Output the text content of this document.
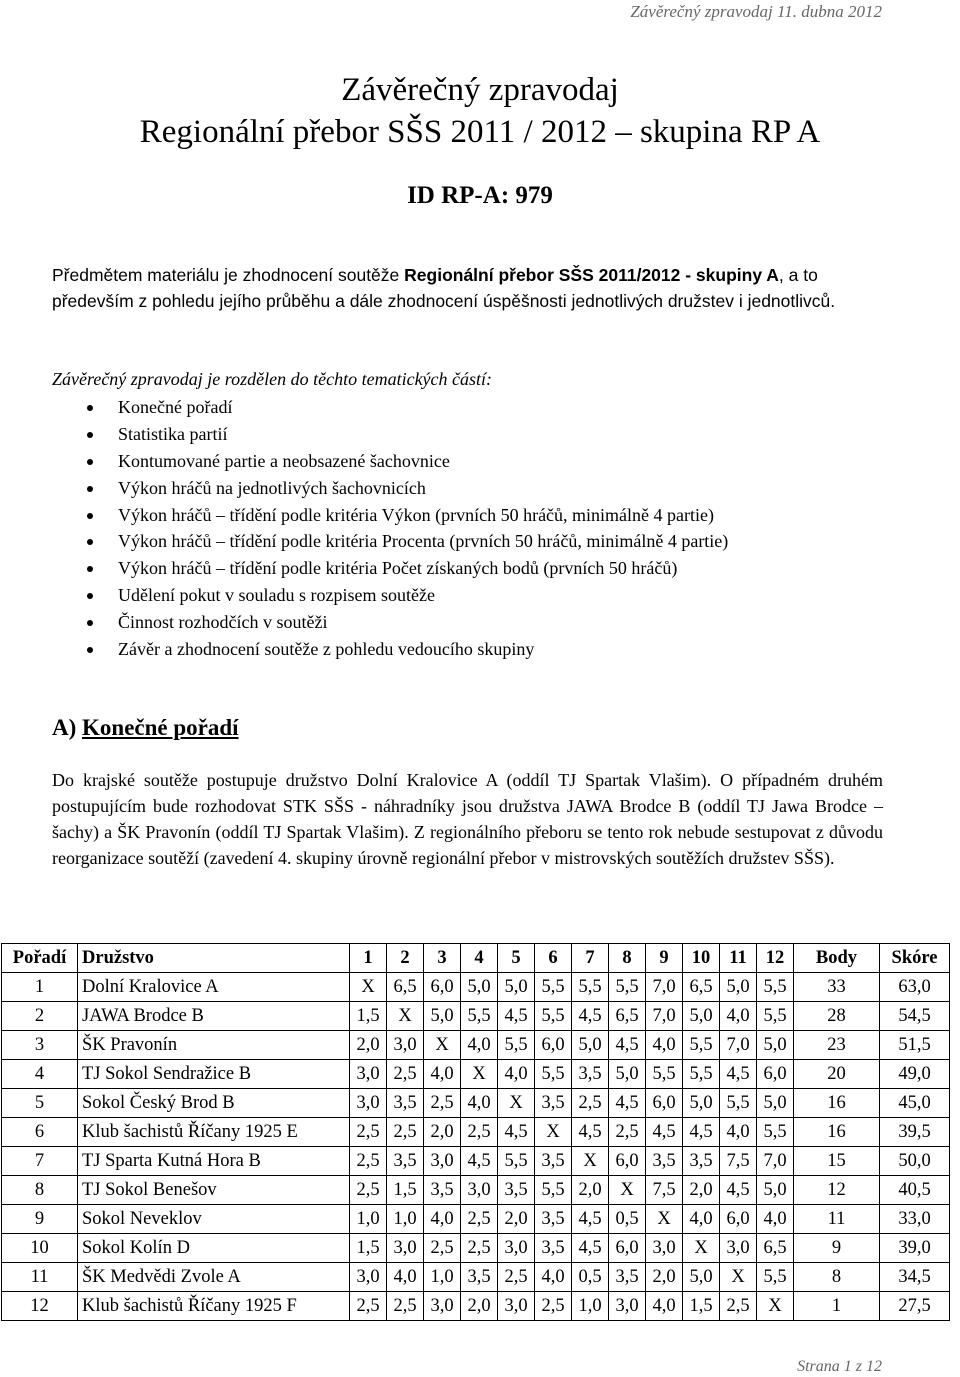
Závěrečný zpravodaj 11. dubna 2012
Závěrečný zpravodaj
Regionální přebor SŠS 2011 / 2012 – skupina RP A
ID RP-A: 979

Předmětem materiálu je zhodnocení soutěže Regionální přebor SŠS 2011/2012 - skupiny A, a to především z pohledu jejího průběhu a dále zhodnocení úspěšnosti jednotlivých družstev i jednotlivců.

Závěrečný zpravodaj je rozdělen do těchto tematických částí:
Konečné pořadí
Statistika partií
Kontumované partie a neobsazené šachovnice
Výkon hráčů na jednotlivých šachovnicích
Výkon hráčů – třídění podle kritéria Výkon (prvních 50 hráčů, minimálně 4 partie)
Výkon hráčů – třídění podle kritéria Procenta (prvních 50 hráčů, minimálně 4 partie)
Výkon hráčů – třídění podle kritéria Počet získaných bodů (prvních 50 hráčů)
Udělení pokut v souladu s rozpisem soutěže
Činnost rozhodčích v soutěži
Závěr a zhodnocení soutěže z pohledu vedoucího skupiny
A) Konečné pořadí

Do krajské soutěže postupuje družstvo Dolní Kralovice A (oddíl TJ Spartak Vlašim). O případném druhém postupujícím bude rozhodovat STK SŠS - náhradníky jsou družstva JAWA Brodce B (oddíl TJ Jawa Brodce – šachy) a ŠK Pravonín (oddíl TJ Spartak Vlašim). Z regionálního přeboru se tento rok nebude sestupovat z důvodu reorganizace soutěží (zavedení 4. skupiny úrovně regionální přebor v mistrovských soutěžích družstev SŠS).

Pořadí	Družstvo	1	2	3	4	5	6	7	8	9	10	11	12	Body	Skóre
1	Dolní Kralovice A	X	6,5	6,0	5,0	5,0	5,5	5,5	5,5	7,0	6,5	5,0	5,5	33	63,0
2	JAWA Brodce B	1,5	X	5,0	5,5	4,5	5,5	4,5	6,5	7,0	5,0	4,0	5,5	28	54,5
3	ŠK Pravonín	2,0	3,0	X	4,0	5,5	6,0	5,0	4,5	4,0	5,5	7,0	5,0	23	51,5
4	TJ Sokol Sendražice B	3,0	2,5	4,0	X	4,0	5,5	3,5	5,0	5,5	5,5	4,5	6,0	20	49,0
5	Sokol Český Brod B	3,0	3,5	2,5	4,0	X	3,5	2,5	4,5	6,0	5,0	5,5	5,0	16	45,0
6	Klub šachistů Říčany 1925 E	2,5	2,5	2,0	2,5	4,5	X	4,5	2,5	4,5	4,5	4,0	5,5	16	39,5
7	TJ Sparta Kutná Hora B	2,5	3,5	3,0	4,5	5,5	3,5	X	6,0	3,5	3,5	7,5	7,0	15	50,0
8	TJ Sokol Benešov	2,5	1,5	3,5	3,0	3,5	5,5	2,0	X	7,5	2,0	4,5	5,0	12	40,5
9	Sokol Neveklov	1,0	1,0	4,0	2,5	2,0	3,5	4,5	0,5	X	4,0	6,0	4,0	11	33,0
10	Sokol Kolín D	1,5	3,0	2,5	2,5	3,0	3,5	4,5	6,0	3,0	X	3,0	6,5	9	39,0
11	ŠK Medvědi Zvole A	3,0	4,0	1,0	3,5	2,5	4,0	0,5	3,5	2,0	5,0	X	5,5	8	34,5
12	Klub šachistů Říčany 1925 F	2,5	2,5	3,0	2,0	3,0	2,5	1,0	3,0	4,0	1,5	2,5	X	1	27,5
Strana 1 z 12
